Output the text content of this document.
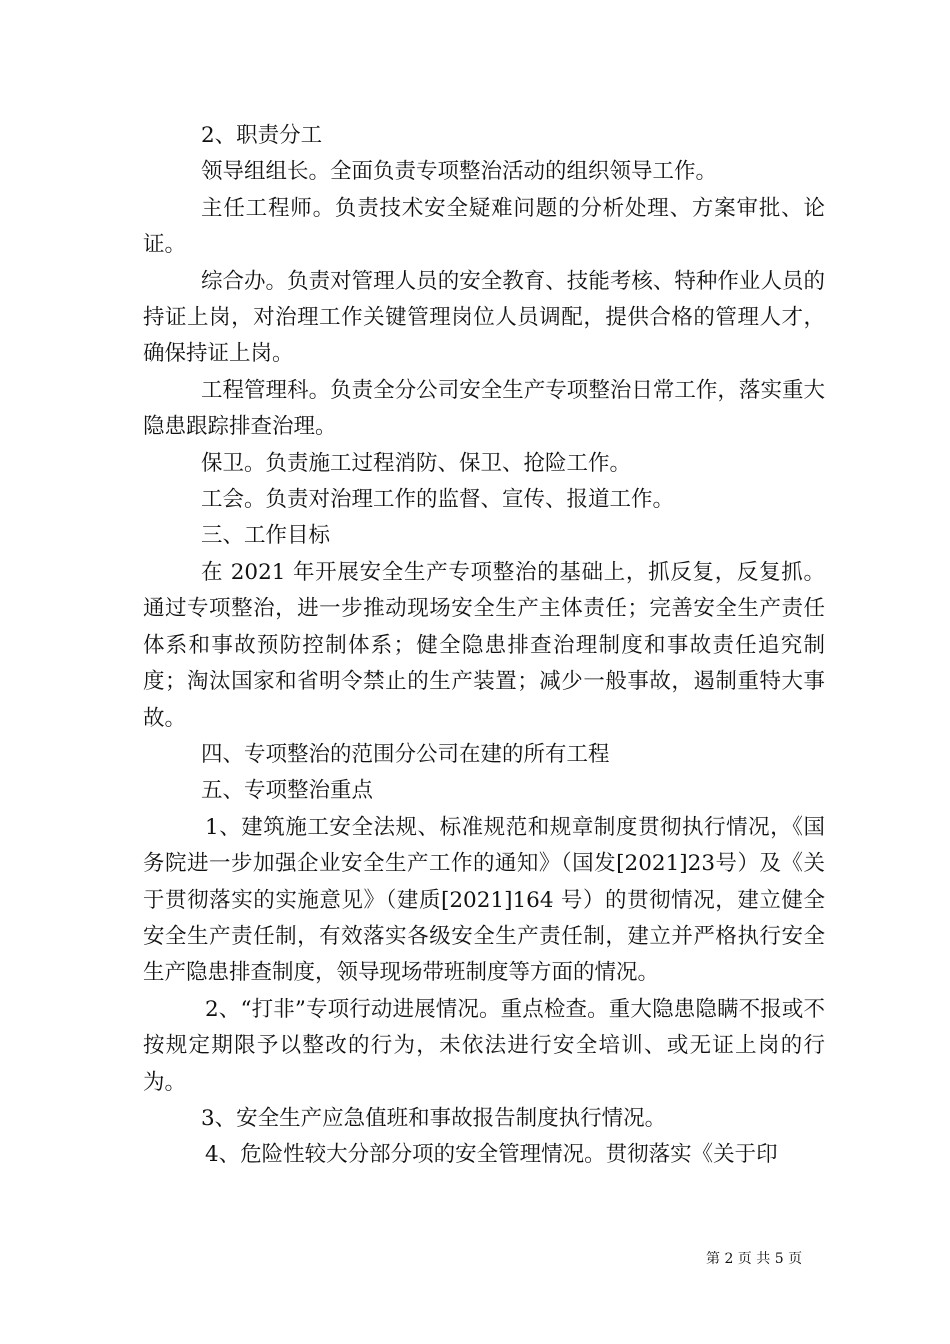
2、职责分工

领导组组长。全面负责专项整治活动的组织领导工作。

主任工程师。负责技术安全疑难问题的分析处理、方案审批、论证。

综合办。负责对管理人员的安全教育、技能考核、特种作业人员的持证上岗，对治理工作关键管理岗位人员调配，提供合格的管理人才，确保持证上岗。

工程管理科。负责全分公司安全生产专项整治日常工作，落实重大隐患跟踪排查治理。

保卫。负责施工过程消防、保卫、抢险工作。

工会。负责对治理工作的监督、宣传、报道工作。

三、工作目标

在 2021 年开展安全生产专项整治的基础上，抓反复，反复抓。通过专项整治，进一步推动现场安全生产主体责任；完善安全生产责任体系和事故预防控制体系；健全隐患排查治理制度和事故责任追究制度；淘汰国家和省明令禁止的生产装置；减少一般事故，遏制重特大事故。

四、专项整治的范围分公司在建的所有工程

五、专项整治重点

1、建筑施工安全法规、标准规范和规章制度贯彻执行情况，《国务院进一步加强企业安全生产工作的通知》（国发[2021]23号）及《关于贯彻落实的实施意见》（建质[2021]164 号）的贯彻情况，建立健全安全生产责任制，有效落实各级安全生产责任制，建立并严格执行安全生产隐患排查制度，领导现场带班制度等方面的情况。

2、“打非”专项行动进展情况。重点检查。重大隐患隐瞒不报或不按规定期限予以整改的行为，未依法进行安全培训、或无证上岗的行为。

3、安全生产应急值班和事故报告制度执行情况。

4、危险性较大分部分项的安全管理情况。贯彻落实《关于印

第 2 页 共 5 页
